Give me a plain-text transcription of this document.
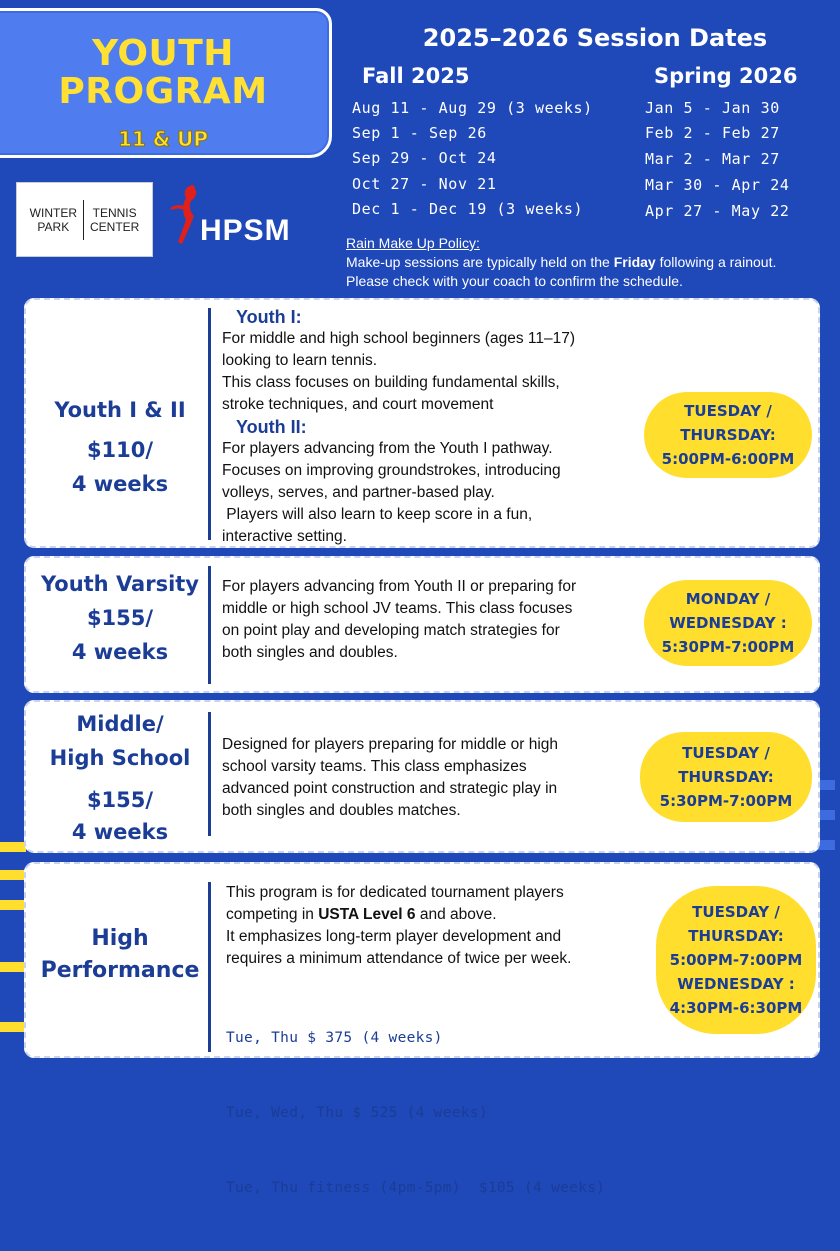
YOUTH
PROGRAM
11 & UP
WINTER
PARK
TENNIS
CENTER HPSM
2025–2026 Session Dates
Fall 2025	Spring 2026
Aug 11 - Aug 29 (3 weeks)
Sep 1 - Sep 26
Sep 29 - Oct 24
Oct 27 - Nov 21
Dec 1 - Dec 19 (3 weeks)
Jan 5 - Jan 30
Feb 2 - Feb 27
Mar 2 - Mar 27
Mar 30 - Apr 24
Apr 27 - May 22
Rain Make Up Policy:
Make-up sessions are typically held on the Friday following a rainout.
Please check with your coach to confirm the schedule.
Youth I & II
$110/
4 weeks
Youth I:
For middle and high school beginners (ages 11–17)
looking to learn tennis.
This class focuses on building fundamental skills,
stroke techniques, and court movement
Youth II:
For players advancing from the Youth I pathway.
Focuses on improving groundstrokes, introducing
volleys, serves, and partner-based play.
Players will also learn to keep score in a fun,
interactive setting.
TUESDAY /
THURSDAY:
5:00PM-6:00PM
Youth Varsity
$155/
4 weeks
For players advancing from Youth II or preparing for
middle or high school JV teams. This class focuses
on point play and developing match strategies for
both singles and doubles.
MONDAY /
WEDNESDAY :
5:30PM-7:00PM
Middle/
High School
$155/
4 weeks
Designed for players preparing for middle or high
school varsity teams. This class emphasizes
advanced point construction and strategic play in
both singles and doubles matches.
TUESDAY /
THURSDAY:
5:30PM-7:00PM
High
Performance
This program is for dedicated tournament players
competing in USTA Level 6 and above.
It emphasizes long-term player development and
requires a minimum attendance of twice per week.

Tue, Thu $ 375 (4 weeks)

Tue, Wed, Thu $ 525 (4 weeks)

Tue, Thu fitness (4pm-5pm)  $105 (4 weeks)

TUESDAY /
THURSDAY:
5:00PM-7:00PM
WEDNESDAY :
4:30PM-6:30PM
